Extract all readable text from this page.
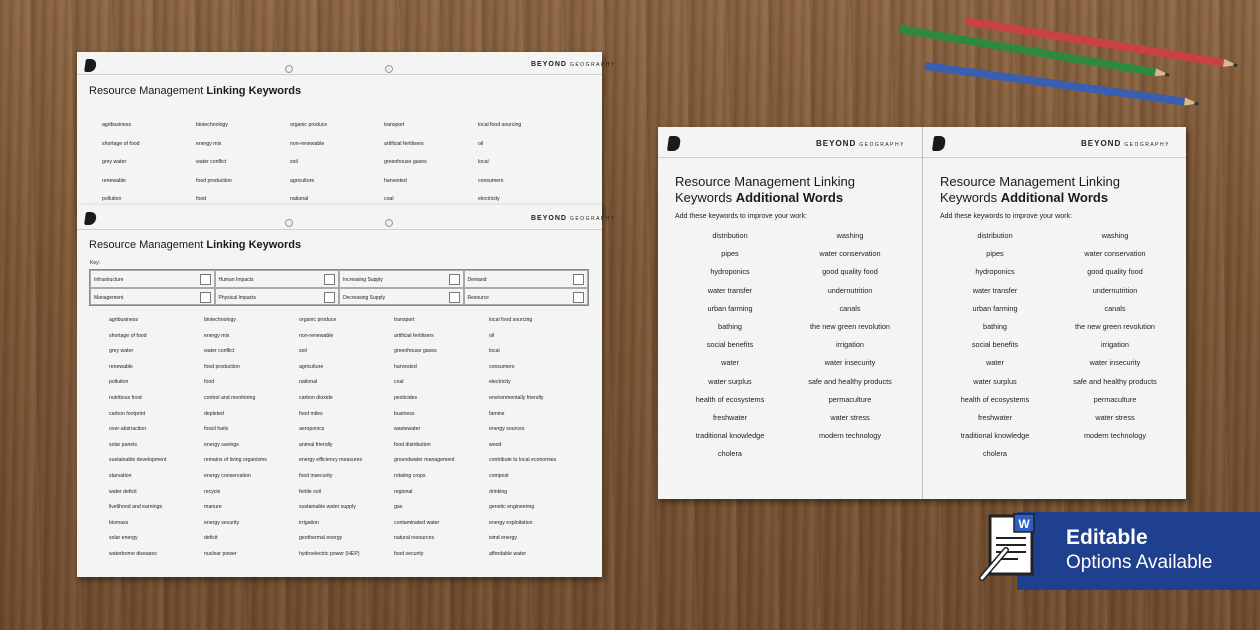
BEYOND GEOGRAPHY
Resource Management Linking Keywords
agribusiness	biotechnology	organic produce	transport	local food sourcing
shortage of food	energy mix	non-renewable	artificial fertilisers	oil
grey water	water conflict	soil	greenhouse gases	local
renewable	food production	agriculture	harvested	consumers
pollution	food	national	coal	electricity
BEYOND GEOGRAPHY
Resource Management Linking Keywords
Key:
Infrastructure	Human Impacts	Increasing Supply	Demand
Management	Physical Impacts	Decreasing Supply	Resource
agribusiness	biotechnology	organic produce	transport	local food sourcing
shortage of food	energy mix	non-renewable	artificial fertilisers	oil
grey water	water conflict	soil	greenhouse gases	local
renewable	food production	agriculture	harvested	consumers
pollution	food	national	coal	electricity
nutritious food	control and monitoring	carbon dioxide	pesticides	environmentally friendly
carbon footprint	depleted	food miles	business	famine
over-abstraction	fossil fuels	aeroponics	wastewater	energy sources
solar panels	energy savings	animal friendly	food distribution	wood
sustainable development	remains of living organisms	energy efficiency measures	groundwater management	contribute to local economies
starvation	energy conservation	food insecurity	rotating crops	compost
water deficit	recycle	fertile soil	regional	drinking
livelihood and earnings	manure	sustainable water supply	gas	genetic engineering
biomass	energy security	irrigation	contaminated water	energy exploitation
solar energy	deficit	geothermal energy	natural resources	wind energy
waterborne diseases	nuclear power	hydroelectric power (HEP)	food security	affordable water
BEYOND GEOGRAPHY
Resource Management Linking Keywords Additional Words
Add these keywords to improve your work:
distribution	washing
pipes	water conservation
hydroponics	good quality food
water transfer	undernutrition
urban farming	canals
bathing	the new green revolution
social benefits	irrigation
water	water insecurity
water surplus	safe and healthy products
health of ecosystems	permaculture
freshwater	water stress
traditional knowledge	modern technology
cholera
BEYOND GEOGRAPHY
Resource Management Linking Keywords Additional Words
Add these keywords to improve your work:
distribution	washing
pipes	water conservation
hydroponics	good quality food
water transfer	undernutrition
urban farming	canals
bathing	the new green revolution
social benefits	irrigation
water	water insecurity
water surplus	safe and healthy products
health of ecosystems	permaculture
freshwater	water stress
traditional knowledge	modern technology
cholera
Editable
Options Available
W
